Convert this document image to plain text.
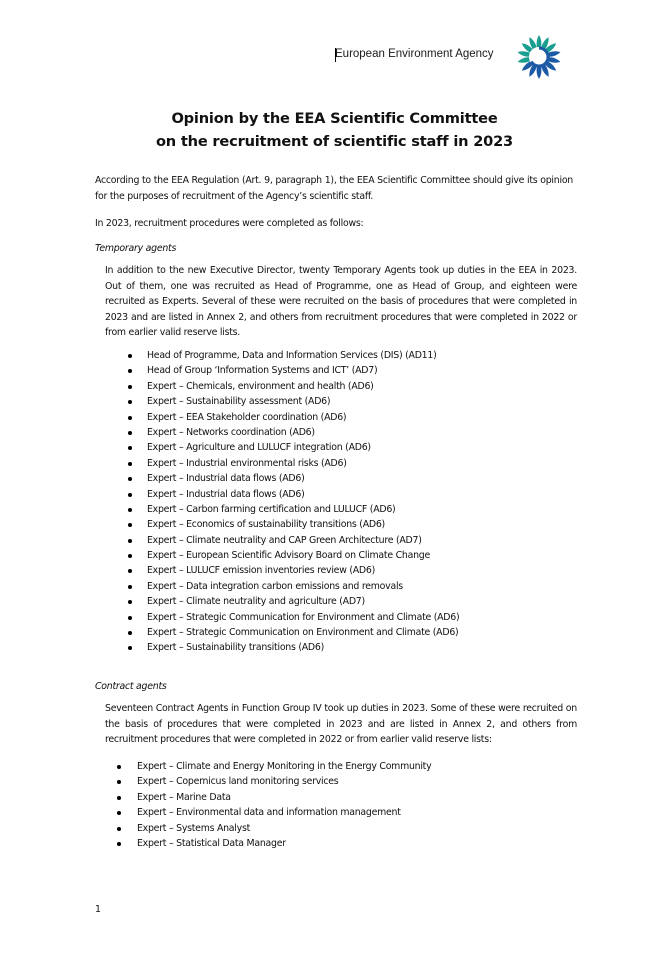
European Environment Agency
Opinion by the EEA Scientific Committee
on the recruitment of scientific staff in 2023
According to the EEA Regulation (Art. 9, paragraph 1), the EEA Scientific Committee should give its opinion for the purposes of recruitment of the Agency’s scientific staff.
In 2023, recruitment procedures were completed as follows:
Temporary agents
In addition to the new Executive Director, twenty Temporary Agents took up duties in the EEA in 2023. Out of them, one was recruited as Head of Programme, one as Head of Group, and eighteen were recruited as Experts. Several of these were recruited on the basis of procedures that were completed in 2023 and are listed in Annex 2, and others from recruitment procedures that were completed in 2022 or from earlier valid reserve lists.
Head of Programme, Data and Information Services (DIS) (AD11)
Head of Group ‘Information Systems and ICT’ (AD7)
Expert – Chemicals, environment and health (AD6)
Expert – Sustainability assessment (AD6)
Expert – EEA Stakeholder coordination (AD6)
Expert – Networks coordination (AD6)
Expert – Agriculture and LULUCF integration (AD6)
Expert – Industrial environmental risks (AD6)
Expert – Industrial data flows (AD6)
Expert – Industrial data flows (AD6)
Expert – Carbon farming certification and LULUCF (AD6)
Expert – Economics of sustainability transitions (AD6)
Expert – Climate neutrality and CAP Green Architecture (AD7)
Expert – European Scientific Advisory Board on Climate Change
Expert – LULUCF emission inventories review (AD6)
Expert – Data integration carbon emissions and removals
Expert – Climate neutrality and agriculture (AD7)
Expert – Strategic Communication for Environment and Climate (AD6)
Expert – Strategic Communication on Environment and Climate (AD6)
Expert – Sustainability transitions (AD6)
Contract agents
Seventeen Contract Agents in Function Group IV took up duties in 2023. Some of these were recruited on the basis of procedures that were completed in 2023 and are listed in Annex 2, and others from recruitment procedures that were completed in 2022 or from earlier valid reserve lists:
Expert – Climate and Energy Monitoring in the Energy Community
Expert – Copernicus land monitoring services
Expert – Marine Data
Expert – Environmental data and information management
Expert – Systems Analyst
Expert – Statistical Data Manager
1
